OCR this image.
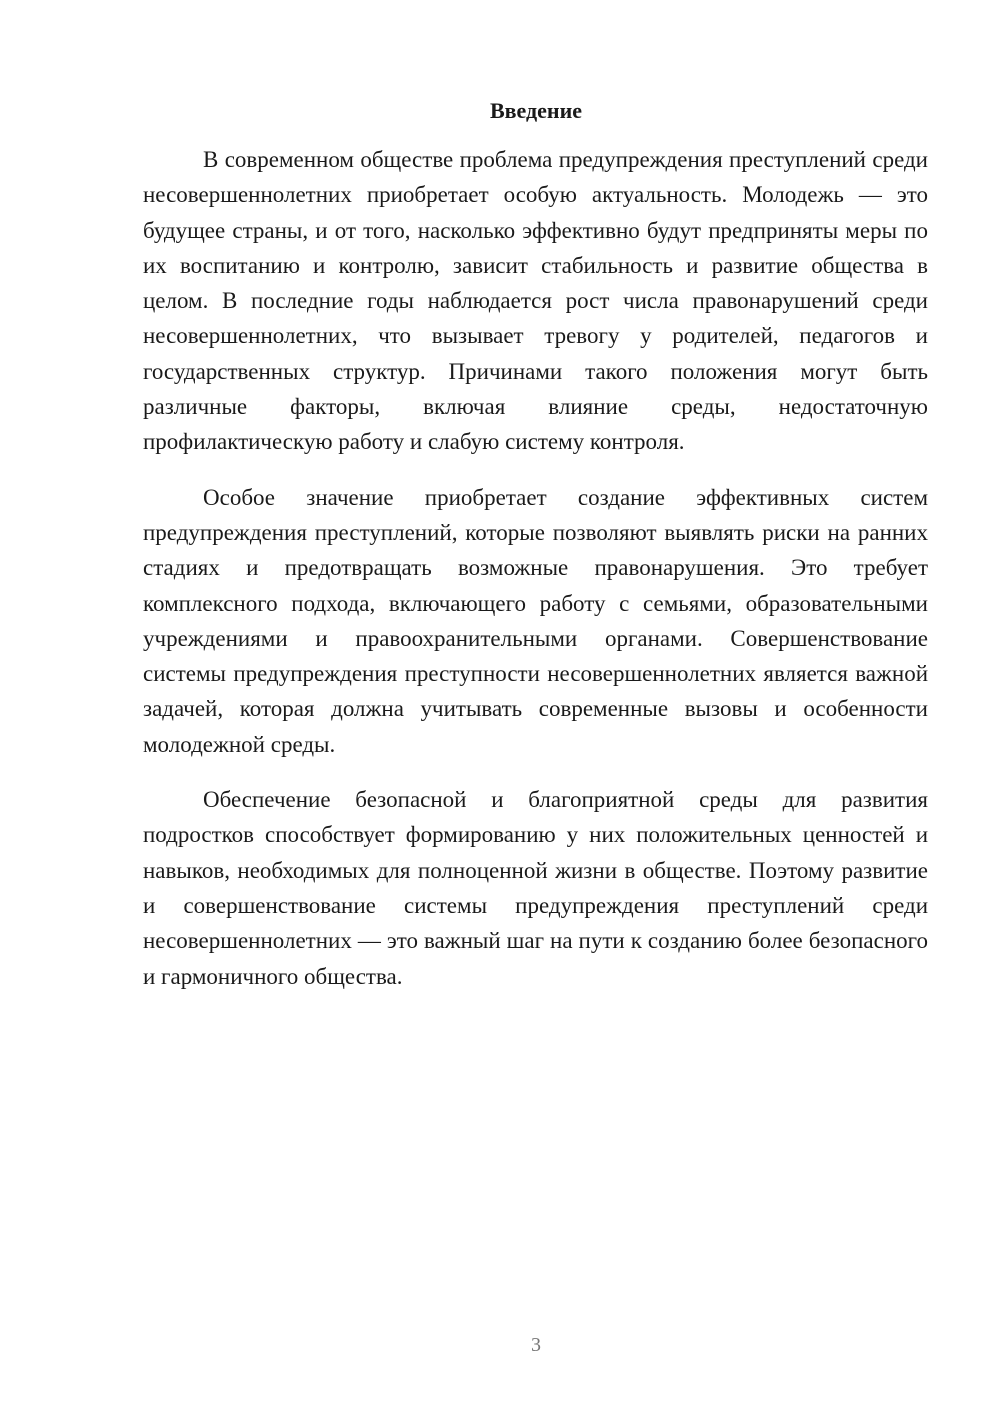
Введение

В современном обществе проблема предупреждения преступлений среди несовершеннолетних приобретает особую актуальность. Молодежь — это будущее страны, и от того, насколько эффективно будут предприняты меры по их воспитанию и контролю, зависит стабильность и развитие общества в целом. В последние годы наблюдается рост числа правонарушений среди несовершеннолетних, что вызывает тревогу у родителей, педагогов и государственных структур. Причинами такого положения могут быть различные факторы, включая влияние среды, недостаточную профилактическую работу и слабую систему контроля.

Особое значение приобретает создание эффективных систем предупреждения преступлений, которые позволяют выявлять риски на ранних стадиях и предотвращать возможные правонарушения. Это требует комплексного подхода, включающего работу с семьями, образовательными учреждениями и правоохранительными органами. Совершенствование системы предупреждения преступности несовершеннолетних является важной задачей, которая должна учитывать современные вызовы и особенности молодежной среды.

Обеспечение безопасной и благоприятной среды для развития подростков способствует формированию у них положительных ценностей и навыков, необходимых для полноценной жизни в обществе. Поэтому развитие и совершенствование системы предупреждения преступлений среди несовершеннолетних — это важный шаг на пути к созданию более безопасного и гармоничного общества.

3
